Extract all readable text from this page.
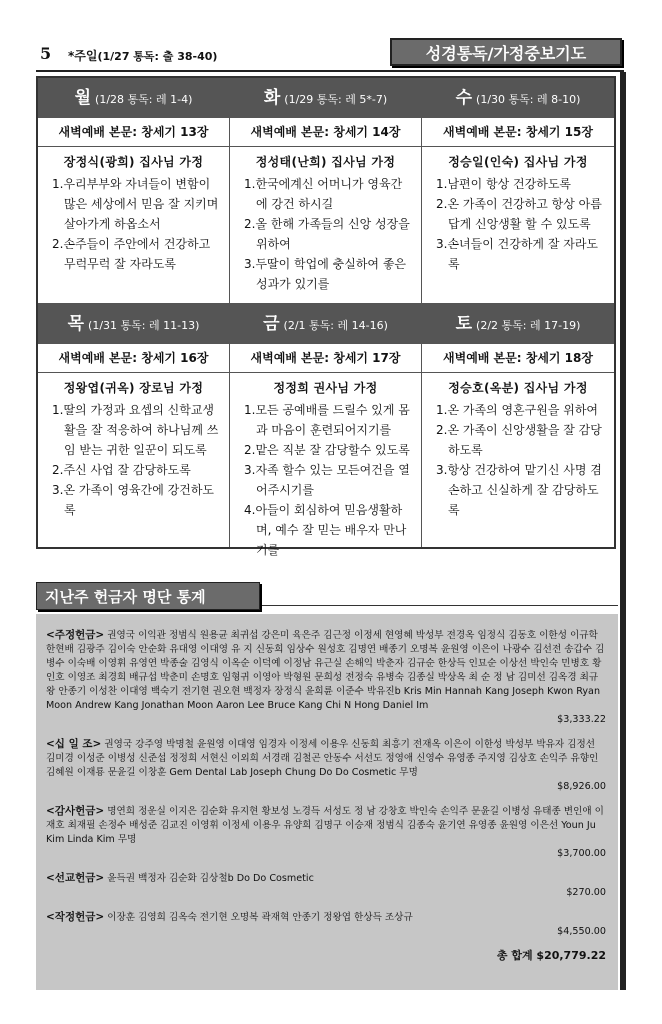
5 *주일(1/27 통독: 출 38-40)	성경통독/가정중보기도
월 (1/28 통독: 레 1-4)
새벽예배 본문: 창세기 13장
장정식(광희) 집사님 가정
1.우리부부와 자녀들이 변함이 많은 세상에서 믿음 잘 지키며 살아가게 하옵소서
2.손주들이 주안에서 건강하고 무럭무럭 잘 자라도록
화 (1/29 통독: 레 5*-7)
새벽예배 본문: 창세기 14장
정성태(난희) 집사님 가정
1.한국에계신 어머니가 영육간에 강건 하시길
2.올 한해 가족들의 신앙 성장을 위하여
3.두딸이 학업에 충실하여 좋은 성과가 있기를
수 (1/30 통독: 레 8-10)
새벽예배 본문: 창세기 15장
정승일(인숙) 집사님 가정
1.남편이 항상 건강하도록
2.온 가족이 건강하고 항상 아름답게 신앙생활 할 수 있도록
3.손녀들이 건강하게 잘 자라도록
목 (1/31 통독: 레 11-13)
새벽예배 본문: 창세기 16장
정왕엽(귀옥) 장로님 가정
1.딸의 가정과 요셉의 신학교생활을 잘 적응하여 하나님께 쓰임 받는 귀한 일꾼이 되도록
2.주신 사업 잘 감당하도록
3.온 가족이 영육간에 강건하도록
금 (2/1 통독: 레 14-16)
새벽예배 본문: 창세기 17장
정정희 권사님 가정
1.모든 공예배를 드릴수 있게 몸과 마음이 훈련되어지기를
2.맡은 직분 잘 감당할수 있도록
3.자족 할수 있는 모든여건을 열어주시기를
4.아들이 회심하여 믿음생활하며, 예수 잘 믿는 배우자 만나기를
토 (2/2 통독: 레 17-19)
새벽예배 본문: 창세기 18장
정승호(옥분) 집사님 가정
1.온 가족의 영혼구원을 위하여
2.온 가족이 신앙생활을 잘 감당하도록
3.항상 건강하여 맡기신 사명 겸손하고 신실하게 잘 감당하도록
지난주 헌금자 명단 통계
<주정헌금> 권영국 이익관 정범식 원용균 최귀섭 강은미 육은주 김근정 이정세 현영혜 박성부 전경옥 임정식 김동호 이한성 이규학 한현배 김광주 김이숙 안순화 유대영 이대영 유 지 신동희 임상수 원성호 김명연 배종기 오명복 윤원영 이은이 나광수 김선전 송갑수 김병수 이숙배 이영휘 유영연 박종술 김영식 이옥순 이덕예 이정남 유근실 손해익 박춘자 김규순 한상득 인묘순 이상선 박인숙 민병호 황인호 이영조 최경희 배규섭 박춘미 손명호 임형귀 이영아 박형원 문희성 전정숙 유병숙 김종실 박상옥 최 순 정 남 김미선 김옥경 최규왕 안종기 이성찬 이대영 백숙기 전기현 권오현 백정자 장정식 윤희륜 이준수 박유진b Kris Min Hannah Kang Joseph Kwon Ryan Moon Andrew Kang Jonathan Moon Aaron Lee Bruce Kang Chi N Hong Daniel Im
$3,333.22
<십 일 조> 권영국 강주영 박명철 윤원영 이대영 임경자 이정세 이용우 신동희 최흥기 전재옥 이은이 이한성 박성부 박유자 김정선 김미경 이성준 이병성 신준섭 정정희 서현신 이외희 서경래 김철곤 안동수 서선도 정영애 신영수 유영종 주지영 김상호 손익주 유향인 김혜원 이재룡 문윤길 이창훈 Gem Dental Lab Joseph Chung Do Do Cosmetic 무명
$8,926.00
<감사헌금> 명연희 정운실 이지은 김순화 유지현 황보성 노경득 서성도 정 남 강창호 박인숙 손익주 문윤길 이병성 유태종 변인애 이재호 최재필 손정수 배성준 김교진 이영휘 이정세 이용우 유양희 김명구 이승재 정범식 김종숙 윤기연 유영종 윤원영 이은선 Youn Ju Kim Linda Kim 무명
$3,700.00
<선교헌금> 윤득권 백정자 김순화 김상철b Do Do Cosmetic
$270.00
<작정헌금> 이장훈 김영희 김옥숙 전기현 오명복 곽재혁 안종기 정왕엽 한상득 조상규
$4,550.00
총 합계 $20,779.22
